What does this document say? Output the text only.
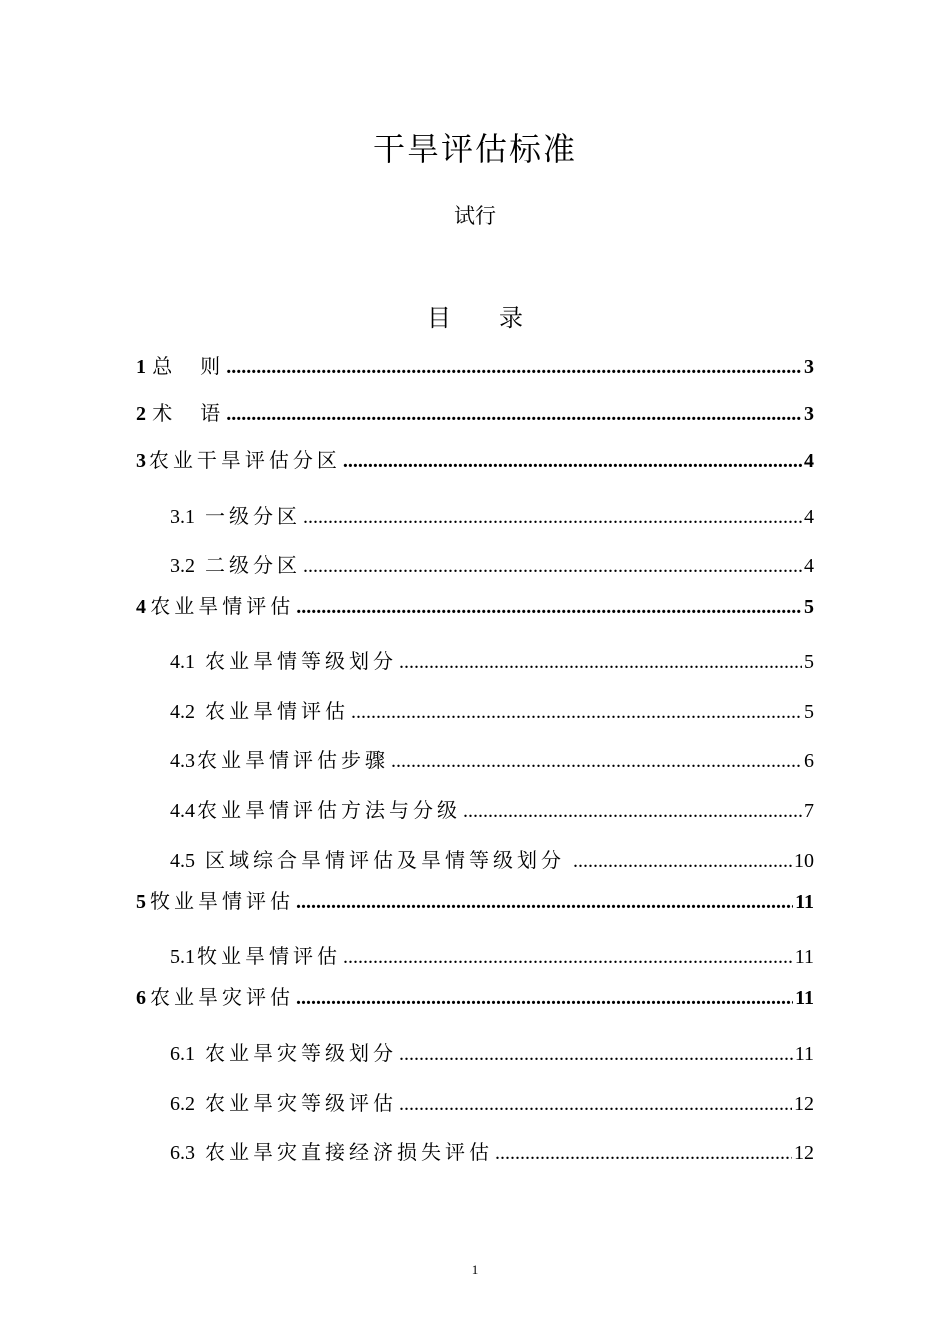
干旱评估标准
试行
目 录
1 总　则 .....	3
2 术　语 .....	3
3 农业干旱评估分区 .....	4
3.1 一级分区 .....	4
3.2 二级分区 .....	4
4 农业旱情评估 .....	5
4.1 农业旱情等级划分 .....	5
4.2 农业旱情评估 .....	5
4.3 农业旱情评估步骤 .....	6
4.4 农业旱情评估方法与分级 .....	7
4.5 区域综合旱情评估及旱情等级划分 .....	10
5 牧业旱情评估 .....	11
5.1 牧业旱情评估 .....	11
6 农业旱灾评估 .....	11
6.1 农业旱灾等级划分 .....	11
6.2 农业旱灾等级评估 .....	12
6.3 农业旱灾直接经济损失评估 .....	12
1
